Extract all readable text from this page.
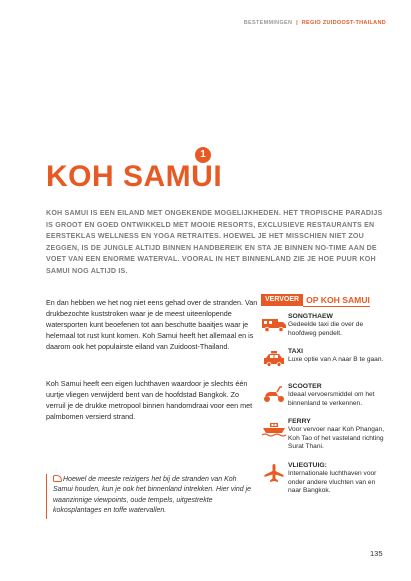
BESTEMMINGEN | REGIO ZUIDOOST-THAILAND
1
KOH SAMUI

KOH SAMUI IS EEN EILAND MET ONGEKENDE MOGELIJKHEDEN. HET TROPISCHE PARADIJS IS GROOT EN GOED ONTWIKKELD MET MOOIE RESORTS, EXCLUSIEVE RESTAURANTS EN EERSTEKLAS WELLNESS EN YOGA RETRAITES. HOEWEL JE HET MISSCHIEN NIET ZOU ZEGGEN, IS DE JUNGLE ALTIJD BINNEN HANDBEREIK EN STA JE BINNEN NO-TIME AAN DE VOET VAN EEN ENORME WATERVAL. VOORAL IN HET BINNENLAND ZIE JE HOE PUUR KOH SAMUI NOG ALTIJD IS.

En dan hebben we het nog niet eens gehad over de stranden. Van drukbezochte kuststroken waar je de meest uiteenlopende watersporten kunt beoefenen tot aan beschutte baaitjes waar je helemaal tot rust kunt komen. Koh Samui heeft het allemaal en is daarom ook het populairste eiland van Zuidoost-Thailand.

Koh Samui heeft een eigen luchthaven waardoor je slechts één uurtje vliegen verwijderd bent van de hoofdstad Bangkok. Zo verruil je de drukke metropool binnen handomdraai voor een met palmbomen versierd strand.

Hoewel de meeste reizigers het bij de stranden van Koh Samui houden, kun je ook het binnenland intrekken. Hier vind je waanzinnige viewpoints, oude tempels, uitgestrekte kokosplantages en toffe watervallen.
VERVOER OP KOH SAMUI
SONGTHAEW
Gedeelde taxi die over de hoofdweg pendelt.
TAXI
Luxe optie van A naar B te gaan.
SCOOTER
Ideaal vervoersmiddel om het binnenland te verkennen.
FERRY
Voor vervoer naar Koh Phangan, Koh Tao of het vasteland richting Surat Thani.
VLIEGTUIG:
Internationale luchthaven voor onder andere vluchten van en naar Bangkok.
135
